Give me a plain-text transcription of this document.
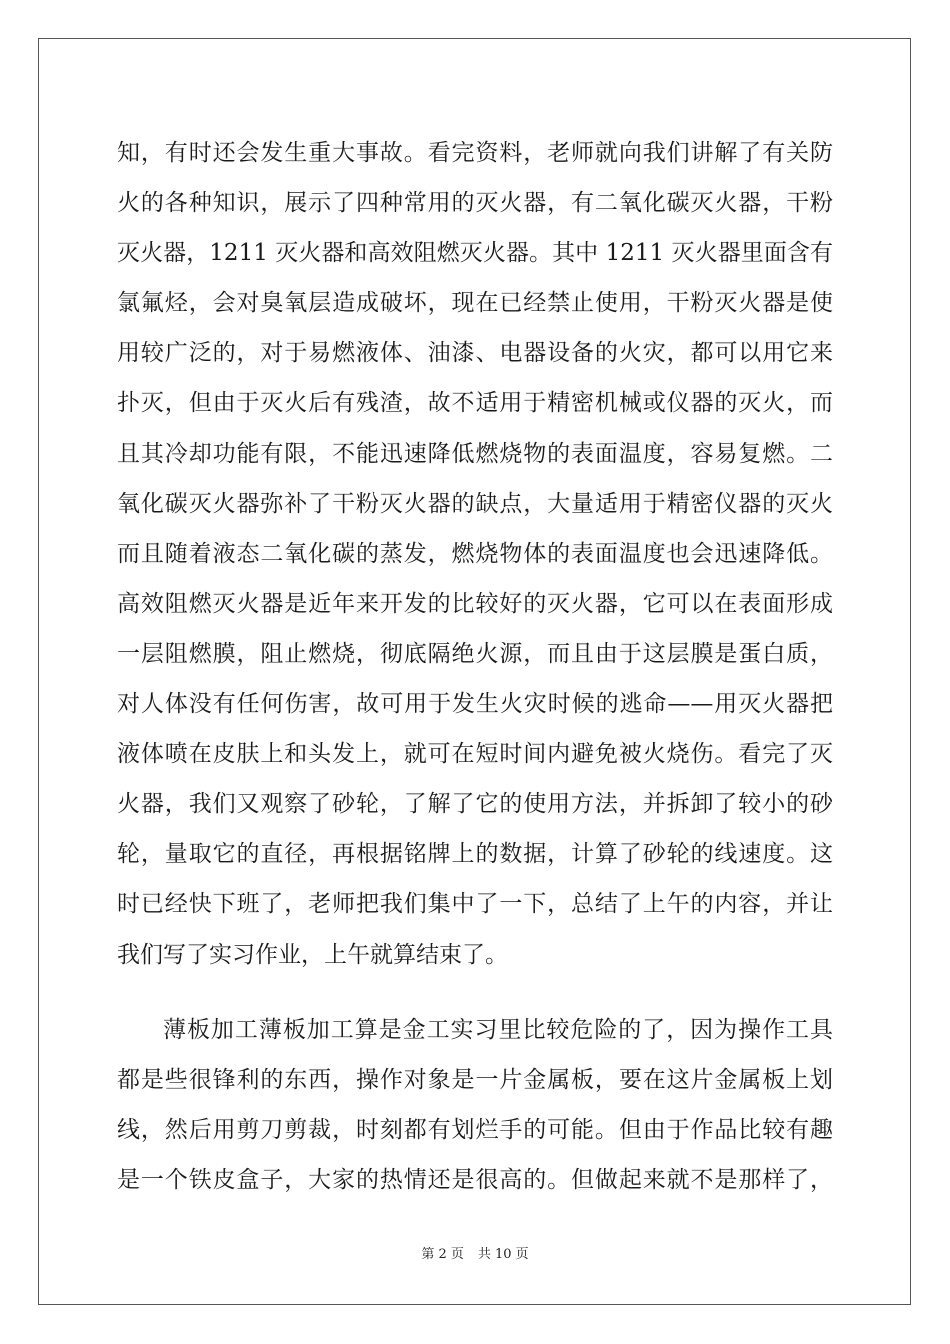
知，有时还会发生重大事故。看完资料，老师就向我们讲解了有关防
火的各种知识，展示了四种常用的灭火器，有二氧化碳灭火器，干粉
灭火器，1211 灭火器和高效阻燃灭火器。其中 1211 灭火器里面含有
氯氟烃，会对臭氧层造成破坏，现在已经禁止使用，干粉灭火器是使
用较广泛的，对于易燃液体、油漆、电器设备的火灾，都可以用它来
扑灭，但由于灭火后有残渣，故不适用于精密机械或仪器的灭火，而
且其冷却功能有限，不能迅速降低燃烧物的表面温度，容易复燃。二
氧化碳灭火器弥补了干粉灭火器的缺点，大量适用于精密仪器的灭火
而且随着液态二氧化碳的蒸发，燃烧物体的表面温度也会迅速降低。
高效阻燃灭火器是近年来开发的比较好的灭火器，它可以在表面形成
一层阻燃膜，阻止燃烧，彻底隔绝火源，而且由于这层膜是蛋白质，
对人体没有任何伤害，故可用于发生火灾时候的逃命——用灭火器把
液体喷在皮肤上和头发上，就可在短时间内避免被火烧伤。看完了灭
火器，我们又观察了砂轮，了解了它的使用方法，并拆卸了较小的砂
轮，量取它的直径，再根据铭牌上的数据，计算了砂轮的线速度。这
时已经快下班了，老师把我们集中了一下，总结了上午的内容，并让
我们写了实习作业，上午就算结束了。
薄板加工薄板加工算是金工实习里比较危险的了，因为操作工具
都是些很锋利的东西，操作对象是一片金属板，要在这片金属板上划
线，然后用剪刀剪裁，时刻都有划烂手的可能。但由于作品比较有趣
是一个铁皮盒子，大家的热情还是很高的。但做起来就不是那样了，
第 2 页 共 10 页
